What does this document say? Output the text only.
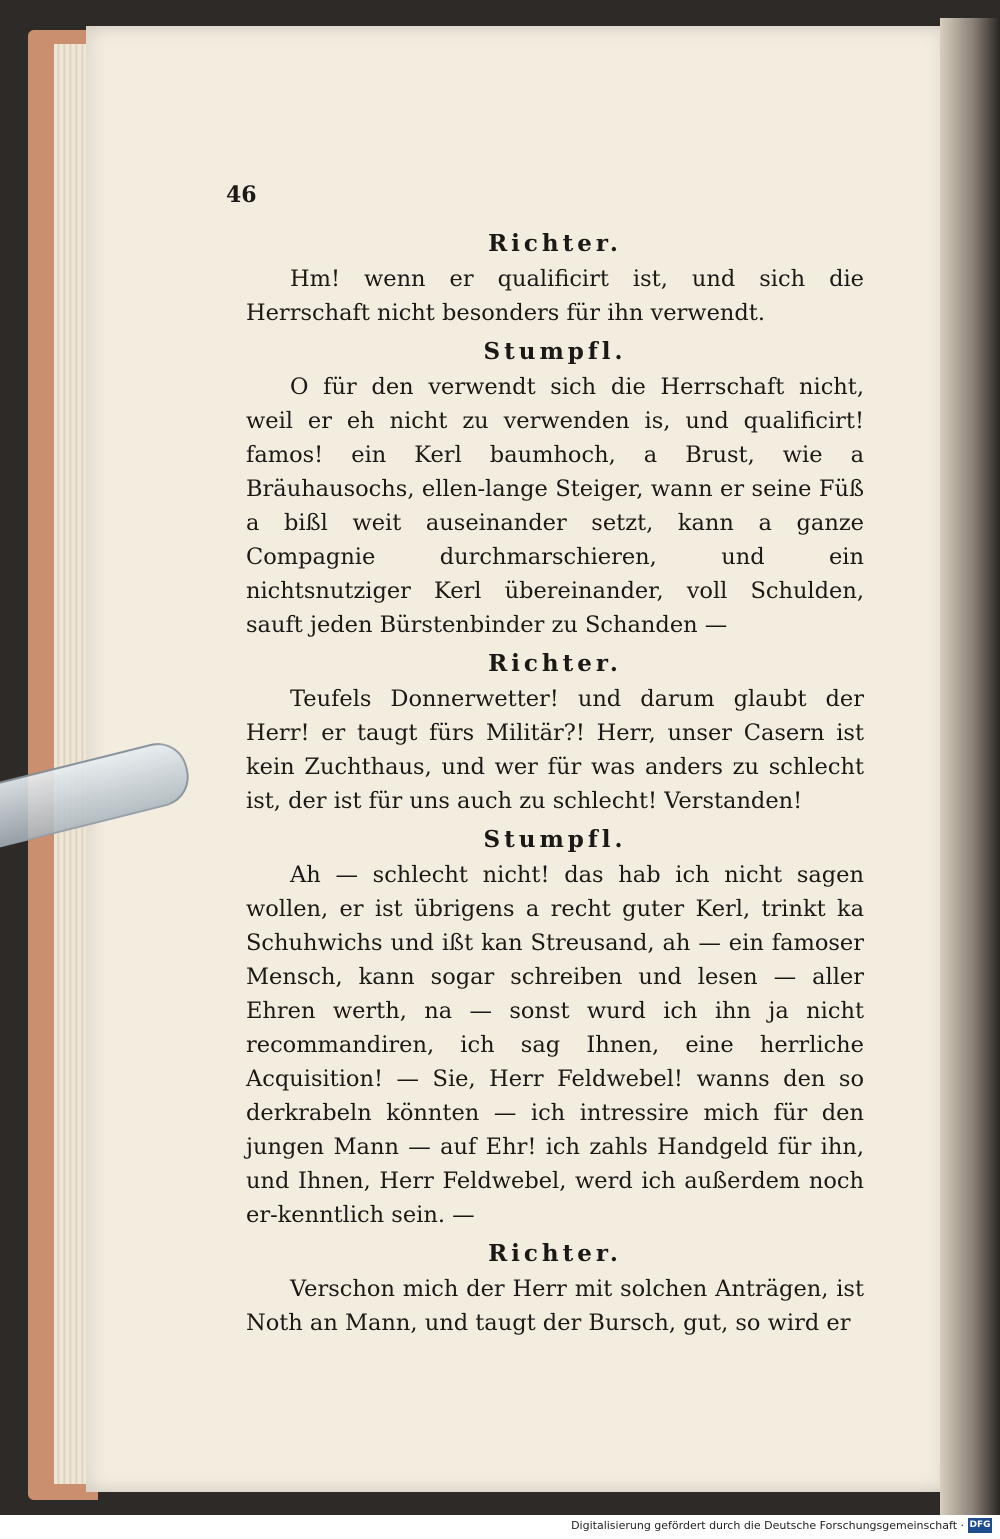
46

Richter.

Hm! wenn er qualificirt ist, und sich die Herrschaft nicht besonders für ihn verwendt.

Stumpfl.

O für den verwendt sich die Herrschaft nicht, weil er eh nicht zu verwenden is, und qualificirt! famos! ein Kerl baumhoch, a Brust, wie a Bräuhausochs, ellen-lange Steiger, wann er seine Füß a bißl weit auseinander setzt, kann a ganze Compagnie durchmarschieren, und ein nichtsnutziger Kerl übereinander, voll Schulden, sauft jeden Bürstenbinder zu Schanden —

Richter.

Teufels Donnerwetter! und darum glaubt der Herr! er taugt fürs Militär?! Herr, unser Casern ist kein Zuchthaus, und wer für was anders zu schlecht ist, der ist für uns auch zu schlecht! Verstanden!

Stumpfl.

Ah — schlecht nicht! das hab ich nicht sagen wollen, er ist übrigens a recht guter Kerl, trinkt ka Schuhwichs und ißt kan Streusand, ah — ein famoser Mensch, kann sogar schreiben und lesen — aller Ehren werth, na — sonst wurd ich ihn ja nicht recommandiren, ich sag Ihnen, eine herrliche Acquisition! — Sie, Herr Feldwebel! wanns den so derkrabeln könnten — ich intressire mich für den jungen Mann — auf Ehr! ich zahls Handgeld für ihn, und Ihnen, Herr Feldwebel, werd ich außerdem noch er-kenntlich sein. —

Richter.

Verschon mich der Herr mit solchen Anträgen, ist Noth an Mann, und taugt der Bursch, gut, so wird er

Digitalisierung gefördert durch die Deutsche Forschungsgemeinschaft · DFG
